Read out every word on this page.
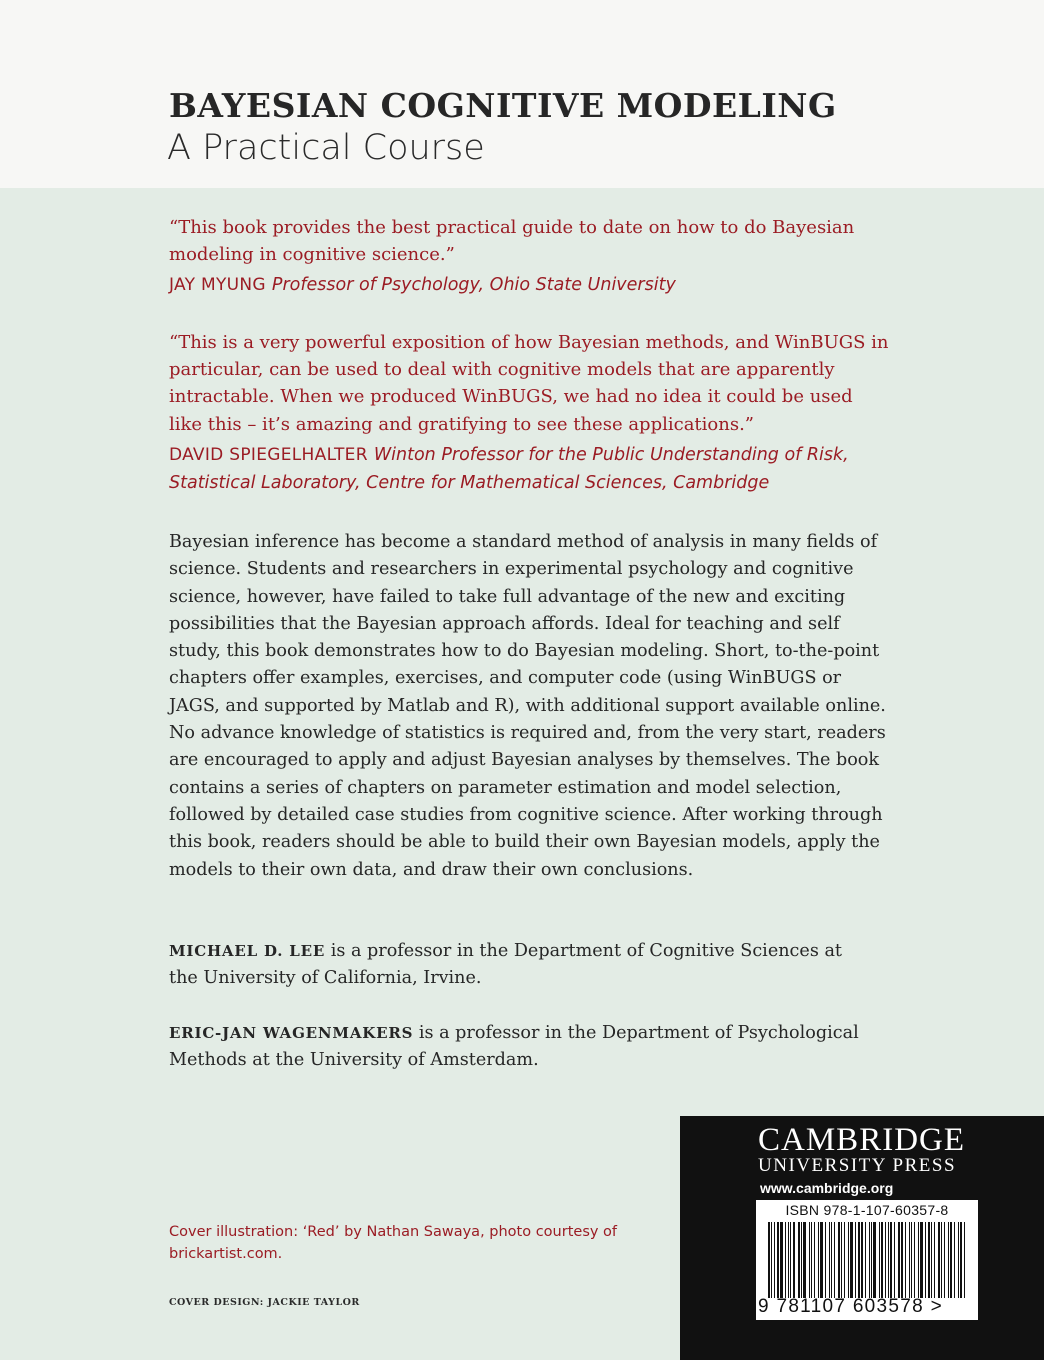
BAYESIAN COGNITIVE MODELING
A Practical Course
“This book provides the best practical guide to date on how to do Bayesian modeling in cognitive science.”
JAY MYUNG Professor of Psychology, Ohio State University
“This is a very powerful exposition of how Bayesian methods, and WinBUGS in particular, can be used to deal with cognitive models that are apparently intractable. When we produced WinBUGS, we had no idea it could be used like this – it’s amazing and gratifying to see these applications.”
DAVID SPIEGELHALTER Winton Professor for the Public Understanding of Risk, Statistical Laboratory, Centre for Mathematical Sciences, Cambridge
Bayesian inference has become a standard method of analysis in many fields of science. Students and researchers in experimental psychology and cognitive science, however, have failed to take full advantage of the new and exciting possibilities that the Bayesian approach affords. Ideal for teaching and self study, this book demonstrates how to do Bayesian modeling. Short, to-the-point chapters offer examples, exercises, and computer code (using WinBUGS or JAGS, and supported by Matlab and R), with additional support available online. No advance knowledge of statistics is required and, from the very start, readers are encouraged to apply and adjust Bayesian analyses by themselves. The book contains a series of chapters on parameter estimation and model selection, followed by detailed case studies from cognitive science. After working through this book, readers should be able to build their own Bayesian models, apply the models to their own data, and draw their own conclusions.
MICHAEL D. LEE is a professor in the Department of Cognitive Sciences at the University of California, Irvine.
ERIC-JAN WAGENMAKERS is a professor in the Department of Psychological Methods at the University of Amsterdam.
Cover illustration: ‘Red’ by Nathan Sawaya, photo courtesy of brickartist.com.
COVER DESIGN: JACKIE TAYLOR
CAMBRIDGE
UNIVERSITY PRESS
www.cambridge.org
ISBN 978-1-107-60357-8
9 781107 603578 >
